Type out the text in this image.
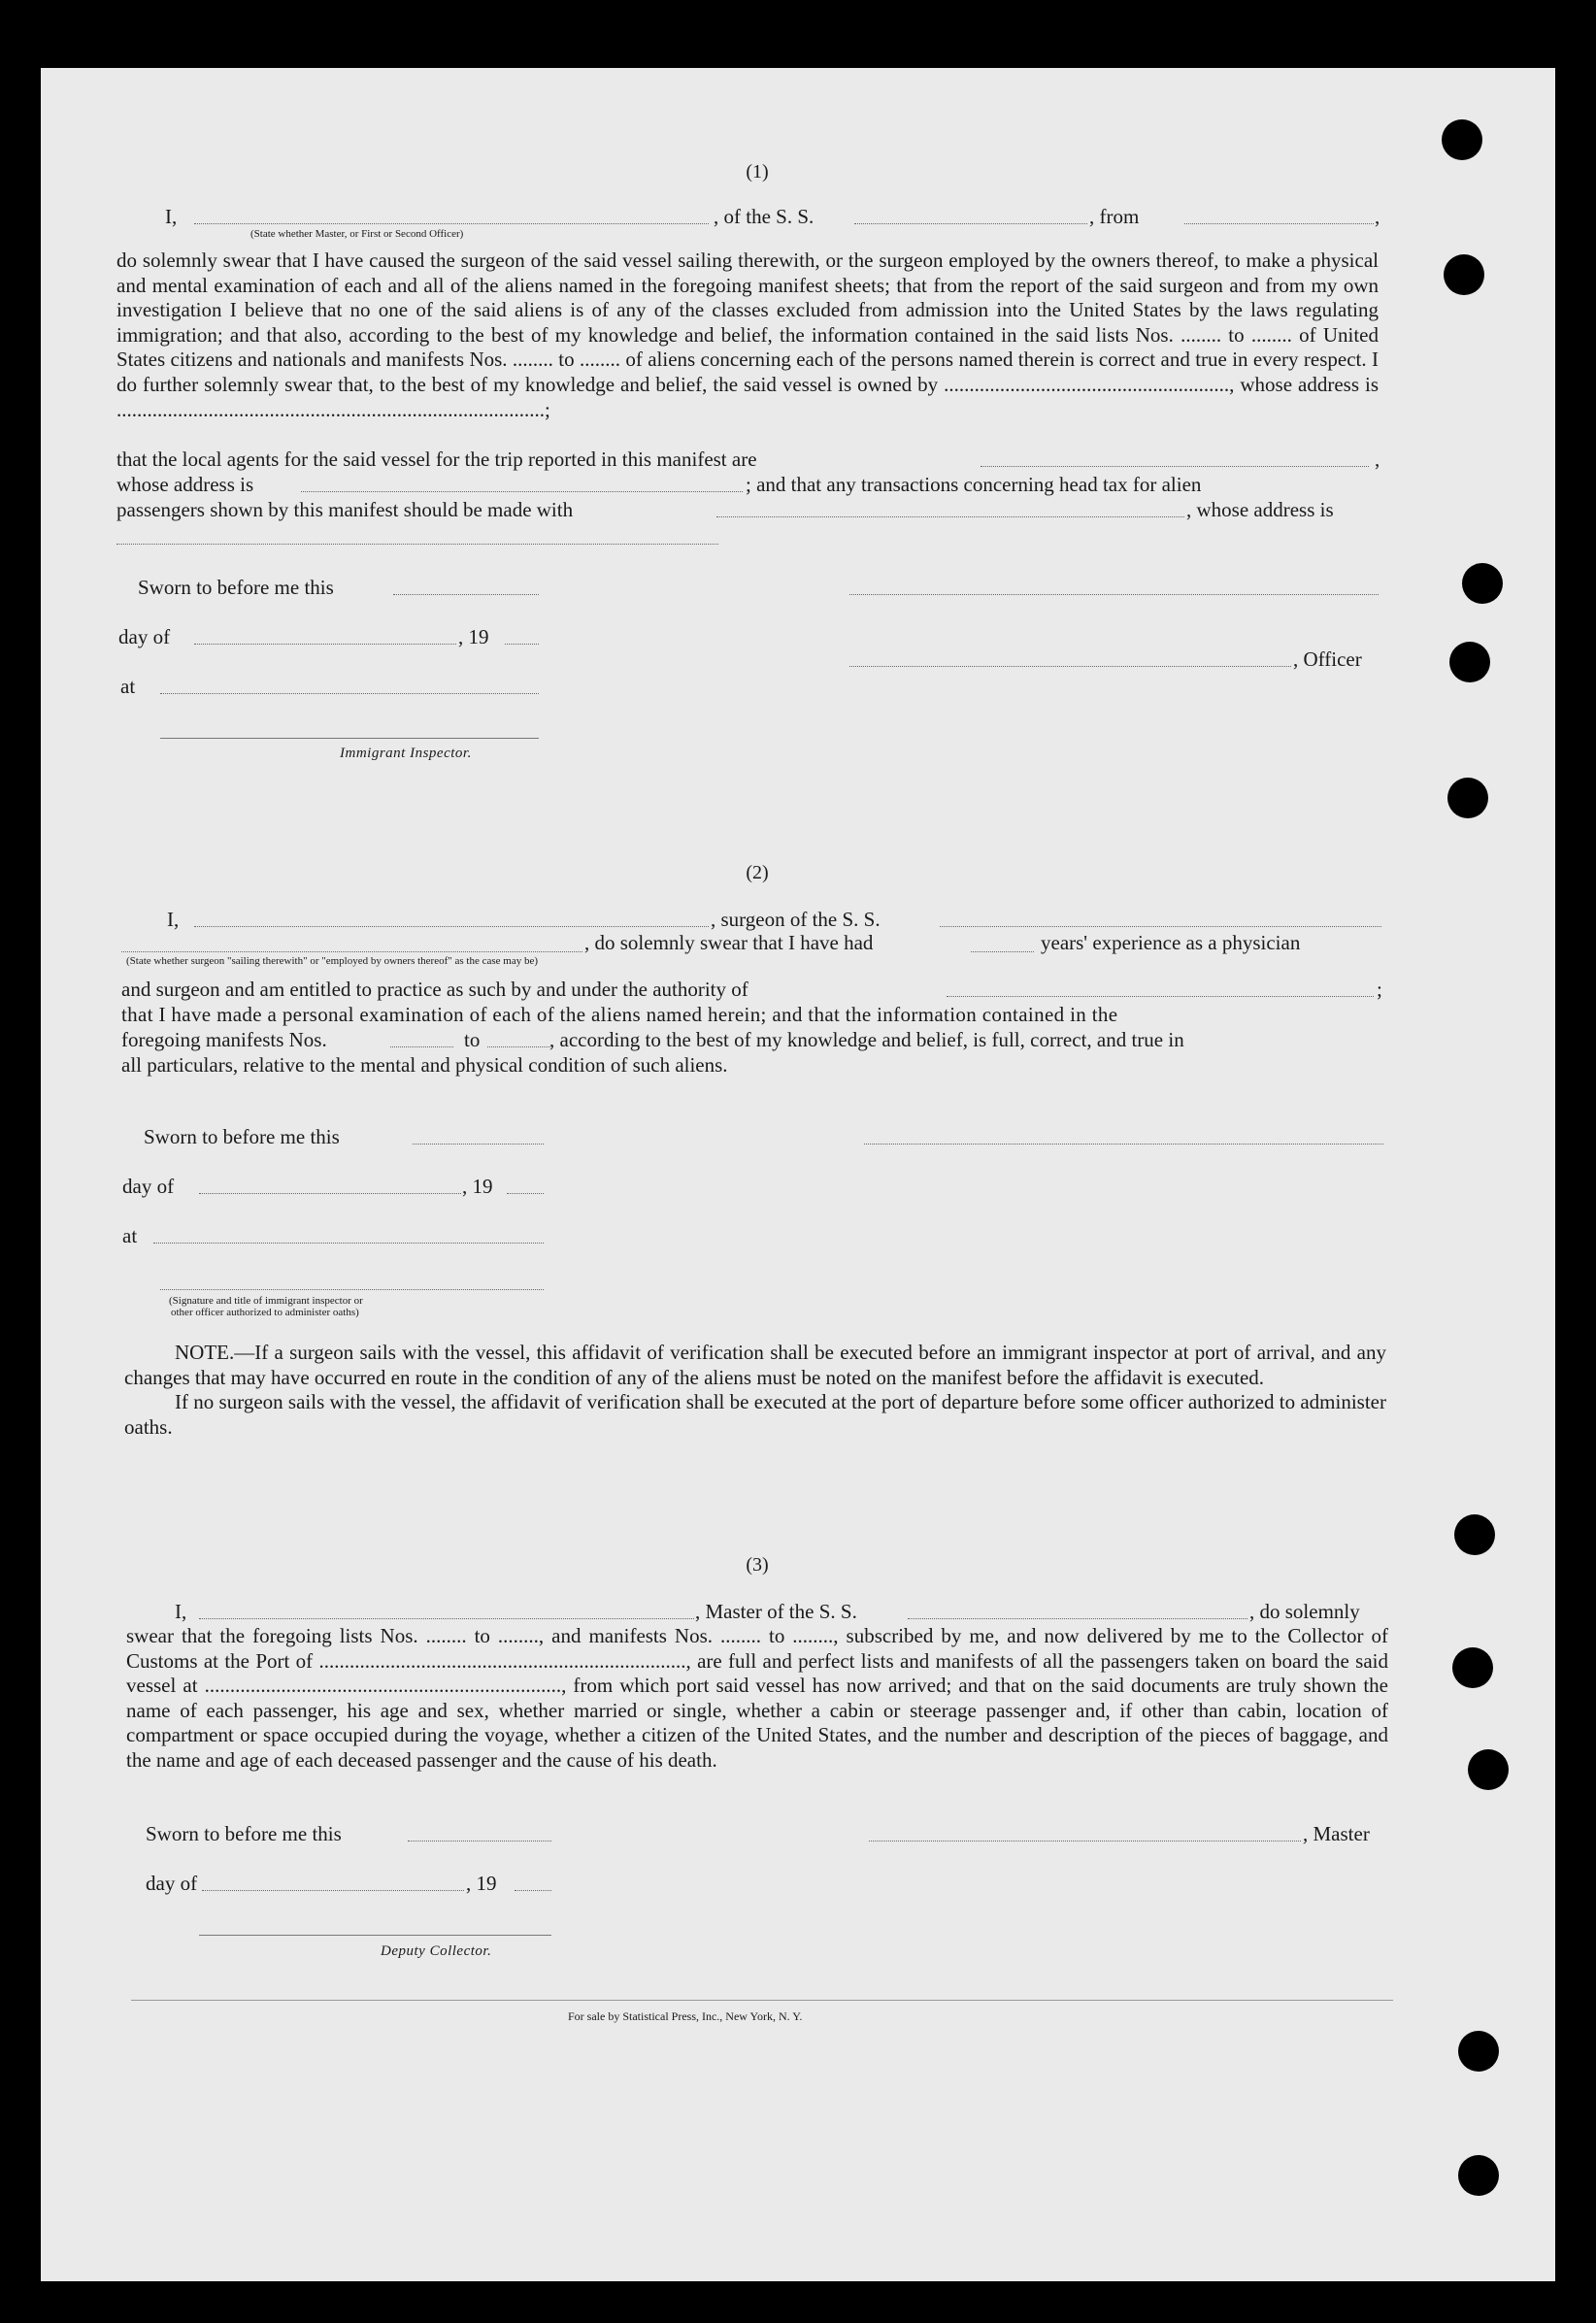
(1)
I,	, of the S. S.	, from	,
(State whether Master, or First or Second Officer)

do solemnly swear that I have caused the surgeon of the said vessel sailing therewith, or the surgeon employed by the owners thereof, to make a physical and mental examination of each and all of the aliens named in the foregoing manifest sheets; that from the report of the said surgeon and from my own investigation I believe that no one of the said aliens is of any of the classes excluded from admission into the United States by the laws regulating immigration; and that also, according to the best of my knowledge and belief, the information contained in the said lists Nos. ........ to ........ of United States citizens and nationals and manifests Nos. ........ to ........ of aliens concerning each of the persons named therein is correct and true in every respect. I do further solemnly swear that, to the best of my knowledge and belief, the said vessel is owned by ........................................................, whose address is ....................................................................................;

that the local agents for the said vessel for the trip reported in this manifest are	,
whose address is	; and that any transactions concerning head tax for alien
passengers shown by this manifest should be made with	, whose address is
Sworn to before me this
day of	, 19
, Officer
at
Immigrant Inspector.
(2)
I,	, surgeon of the S. S.
, do solemnly swear that I have had	years' experience as a physician
(State whether surgeon "sailing therewith" or "employed by owners thereof" as the case may be)
and surgeon and am entitled to practice as such by and under the authority of	;
that I have made a personal examination of each of the aliens named herein; and that the information contained in the
foregoing manifests Nos.	to	, according to the best of my knowledge and belief, is full, correct, and true in
all particulars, relative to the mental and physical condition of such aliens.
Sworn to before me this
day of	, 19
at
(Signature and title of immigrant inspector or
other officer authorized to administer oaths)

NOTE.—If a surgeon sails with the vessel, this affidavit of verification shall be executed before an immigrant inspector at port of arrival, and any changes that may have occurred en route in the condition of any of the aliens must be noted on the manifest before the affidavit is executed.

If no surgeon sails with the vessel, the affidavit of verification shall be executed at the port of departure before some officer authorized to administer oaths.

(3)
I,	, Master of the S. S.	, do solemnly

swear that the foregoing lists Nos. ........ to ........, and manifests Nos. ........ to ........, subscribed by me, and now delivered by me to the Collector of Customs at the Port of ........................................................................, are full and perfect lists and manifests of all the passengers taken on board the said vessel at ......................................................................, from which port said vessel has now arrived; and that on the said documents are truly shown the name of each passenger, his age and sex, whether married or single, whether a cabin or steerage passenger and, if other than cabin, location of compartment or space occupied during the voyage, whether a citizen of the United States, and the number and description of the pieces of baggage, and the name and age of each deceased passenger and the cause of his death.

Sworn to before me this	, Master
day of	, 19
Deputy Collector.
For sale by Statistical Press, Inc., New York, N. Y.
